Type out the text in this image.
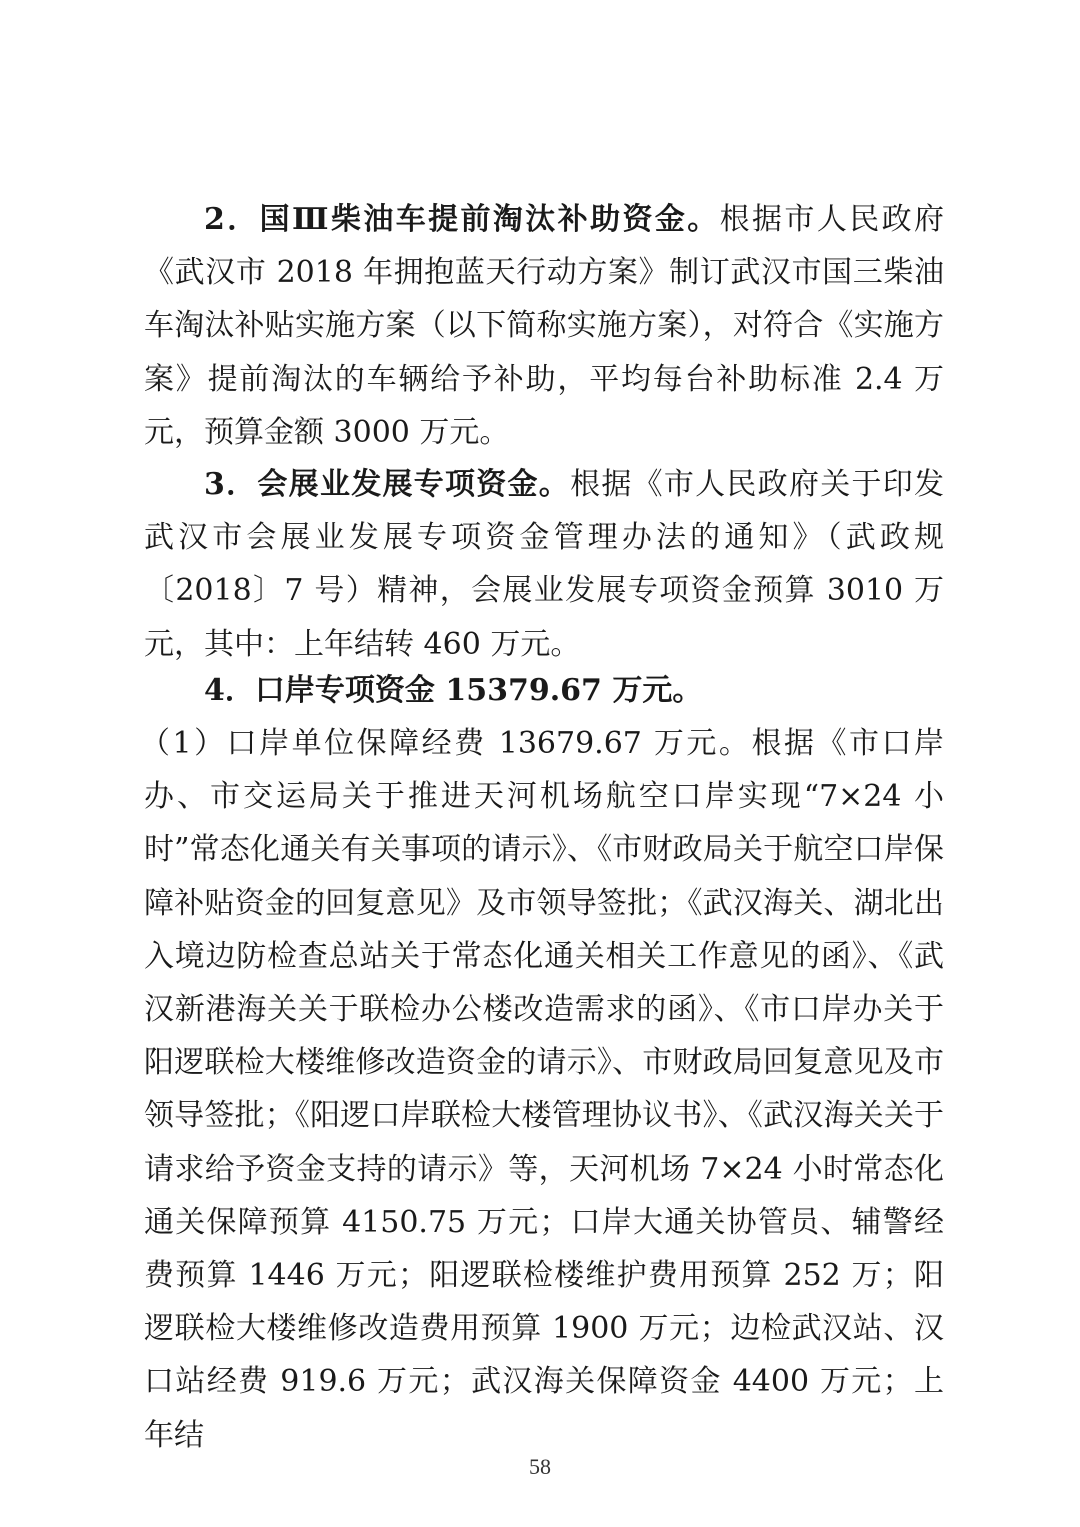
2．国Ⅲ柴油车提前淘汰补助资金。根据市人民政府《武汉市 2018 年拥抱蓝天行动方案》制订武汉市国三柴油车淘汰补贴实施方案（以下简称实施方案），对符合《实施方案》提前淘汰的车辆给予补助，平均每台补助标准 2.4 万元，预算金额 3000 万元。

3．会展业发展专项资金。根据《市人民政府关于印发武汉市会展业发展专项资金管理办法的通知》（武政规〔2018〕7 号）精神，会展业发展专项资金预算 3010 万元，其中：上年结转 460 万元。

4．口岸专项资金 15379.67 万元。

（1）口岸单位保障经费 13679.67 万元。根据《市口岸办、市交运局关于推进天河机场航空口岸实现“7×24 小时”常态化通关有关事项的请示》、《市财政局关于航空口岸保障补贴资金的回复意见》及市领导签批；《武汉海关、湖北出入境边防检查总站关于常态化通关相关工作意见的函》、《武汉新港海关关于联检办公楼改造需求的函》、《市口岸办关于阳逻联检大楼维修改造资金的请示》、市财政局回复意见及市领导签批；《阳逻口岸联检大楼管理协议书》、《武汉海关关于请求给予资金支持的请示》等，天河机场 7×24 小时常态化通关保障预算 4150.75 万元；口岸大通关协管员、辅警经费预算 1446 万元；阳逻联检楼维护费用预算 252 万；阳逻联检大楼维修改造费用预算 1900 万元；边检武汉站、汉口站经费 919.6 万元；武汉海关保障资金 4400 万元；上年结

58
